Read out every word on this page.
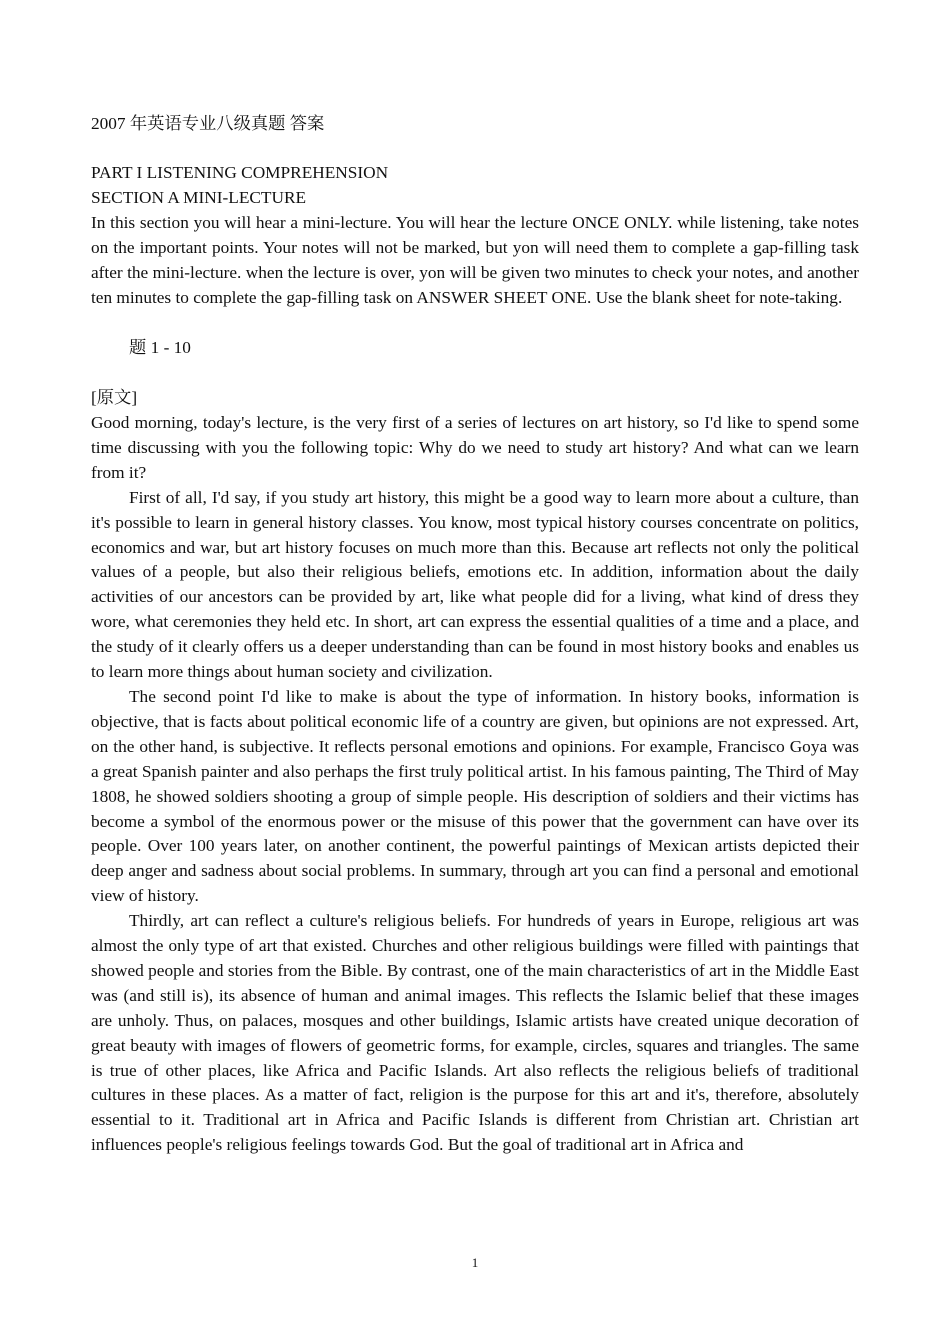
2007 年英语专业八级真题 答案
PART I LISTENING COMPREHENSION
SECTION A MINI-LECTURE

In this section you will hear a mini-lecture. You will hear the lecture ONCE ONLY. while listening, take notes on the important points. Your notes will not be marked, but yon will need them to complete a gap-filling task after the mini-lecture. when the lecture is over, yon will be given two minutes to check your notes, and another ten minutes to complete the gap-filling task on ANSWER SHEET ONE. Use the blank sheet for note-taking.

题 1 - 10
[原文]

Good morning, today's lecture, is the very first of a series of lectures on art history, so I'd like to spend some time discussing with you the following topic: Why do we need to study art history? And what can we learn from it?

First of all, I'd say, if you study art history, this might be a good way to learn more about a culture, than it's possible to learn in general history classes. You know, most typical history courses concentrate on politics, economics and war, but art history focuses on much more than this. Because art reflects not only the political values of a people, but also their religious beliefs, emotions etc. In addition, information about the daily activities of our ancestors can be provided by art, like what people did for a living, what kind of dress they wore, what ceremonies they held etc. In short, art can express the essential qualities of a time and a place, and the study of it clearly offers us a deeper understanding than can be found in most history books and enables us to learn more things about human society and civilization.

The second point I'd like to make is about the type of information. In history books, information is objective, that is facts about political economic life of a country are given, but opinions are not expressed. Art, on the other hand, is subjective. It reflects personal emotions and opinions. For example, Francisco Goya was a great Spanish painter and also perhaps the first truly political artist. In his famous painting, The Third of May 1808, he showed soldiers shooting a group of simple people. His description of soldiers and their victims has become a symbol of the enormous power or the misuse of this power that the government can have over its people. Over 100 years later, on another continent, the powerful paintings of Mexican artists depicted their deep anger and sadness about social problems. In summary, through art you can find a personal and emotional view of history.

Thirdly, art can reflect a culture's religious beliefs. For hundreds of years in Europe, religious art was almost the only type of art that existed. Churches and other religious buildings were filled with paintings that showed people and stories from the Bible. By contrast, one of the main characteristics of art in the Middle East was (and still is), its absence of human and animal images. This reflects the Islamic belief that these images are unholy. Thus, on palaces, mosques and other buildings, Islamic artists have created unique decoration of great beauty with images of flowers of geometric forms, for example, circles, squares and triangles. The same is true of other places, like Africa and Pacific Islands. Art also reflects the religious beliefs of traditional cultures in these places. As a matter of fact, religion is the purpose for this art and it's, therefore, absolutely essential to it. Traditional art in Africa and Pacific Islands is different from Christian art. Christian art influences people's religious feelings towards God. But the goal of traditional art in Africa and

1
